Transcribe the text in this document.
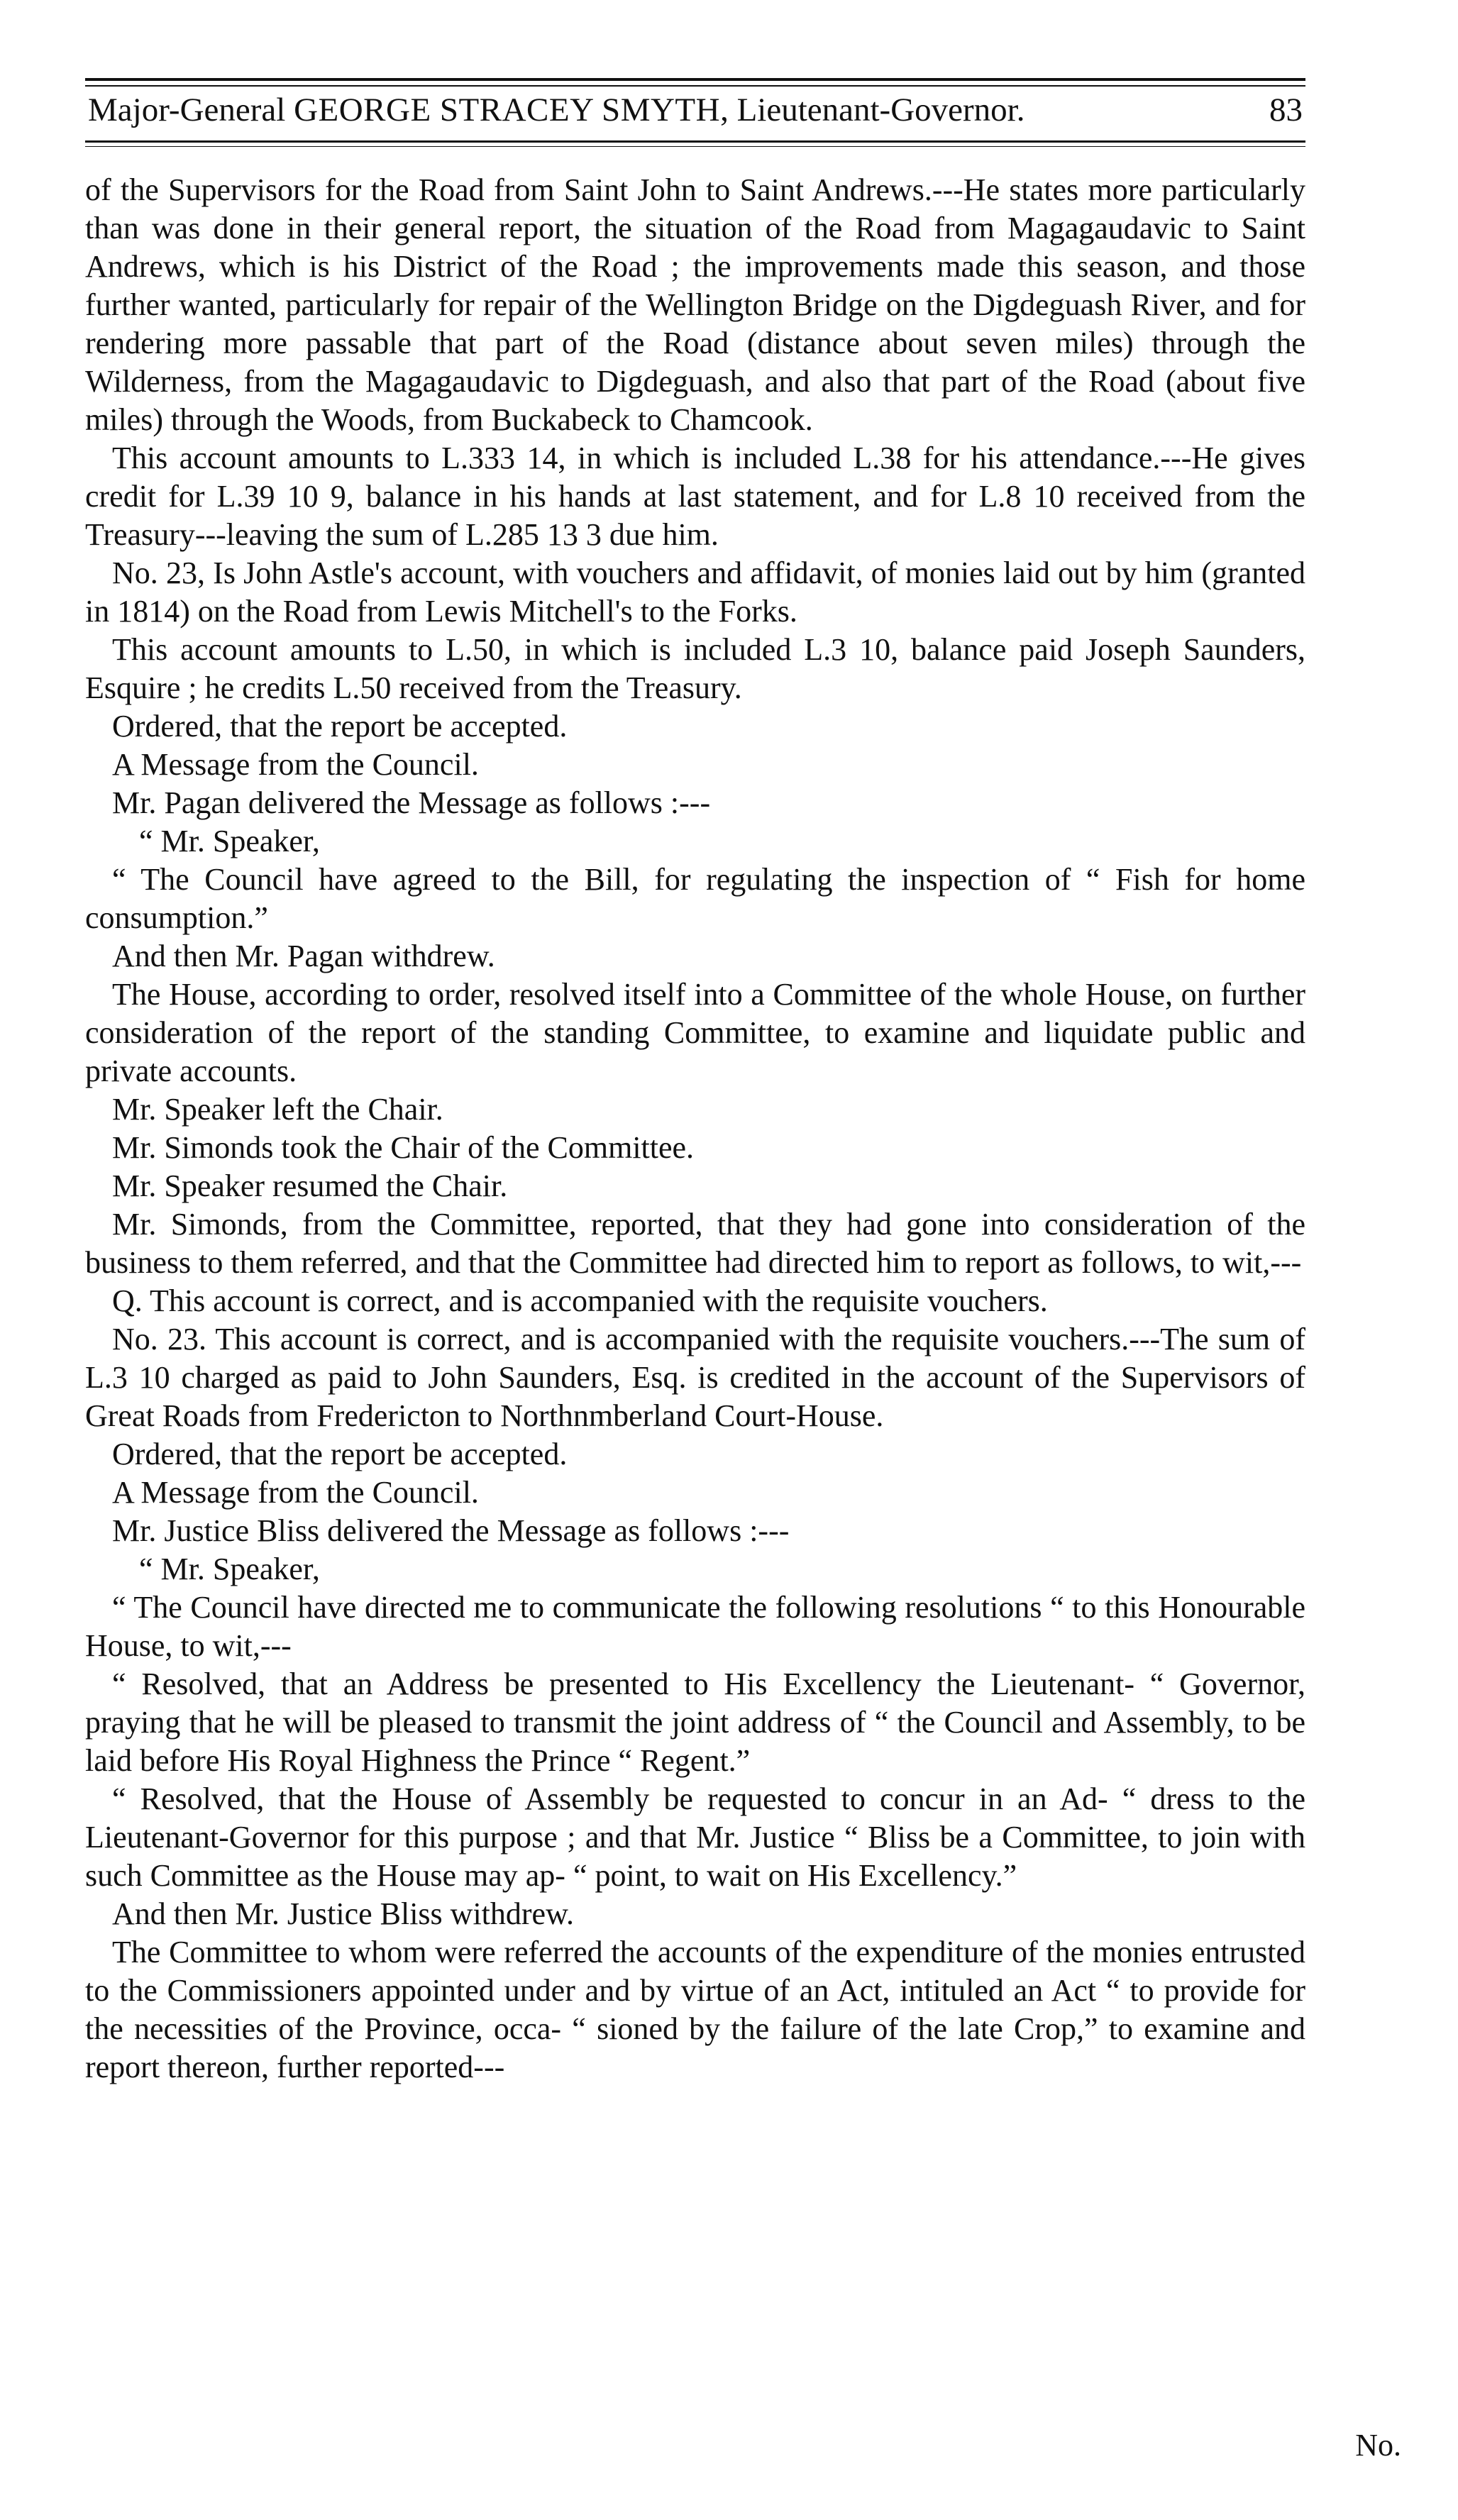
Major-General GEORGE STRACEY SMYTH, Lieutenant-Governor.	83

of the Supervisors for the Road from Saint John to Saint Andrews.---He states more particularly than was done in their general report, the situation of the Road from Magagaudavic to Saint Andrews, which is his District of the Road ; the improvements made this season, and those further wanted, particularly for repair of the Wellington Bridge on the Digdeguash River, and for rendering more passable that part of the Road (distance about seven miles) through the Wilderness, from the Magagaudavic to Digdeguash, and also that part of the Road (about five miles) through the Woods, from Buckabeck to Chamcook.

This account amounts to L.333 14, in which is included L.38 for his attendance.---He gives credit for L.39 10 9, balance in his hands at last statement, and for L.8 10 received from the Treasury---leaving the sum of L.285 13 3 due him.

No. 23, Is John Astle's account, with vouchers and affidavit, of monies laid out by him (granted in 1814) on the Road from Lewis Mitchell's to the Forks.

This account amounts to L.50, in which is included L.3 10, balance paid Joseph Saunders, Esquire ; he credits L.50 received from the Treasury.

Ordered, that the report be accepted.

A Message from the Council.

Mr. Pagan delivered the Message as follows :---

“ Mr. Speaker,

“ The Council have agreed to the Bill, for regulating the inspection of “ Fish for home consumption.”

And then Mr. Pagan withdrew.

The House, according to order, resolved itself into a Committee of the whole House, on further consideration of the report of the standing Committee, to examine and liquidate public and private accounts.

Mr. Speaker left the Chair.

Mr. Simonds took the Chair of the Committee.

Mr. Speaker resumed the Chair.

Mr. Simonds, from the Committee, reported, that they had gone into consideration of the business to them referred, and that the Committee had directed him to report as follows, to wit,---

Q. This account is correct, and is accompanied with the requisite vouchers.

No. 23. This account is correct, and is accompanied with the requisite vouchers.---The sum of L.3 10 charged as paid to John Saunders, Esq. is credited in the account of the Supervisors of Great Roads from Fredericton to Northnmberland Court-House.

Ordered, that the report be accepted.

A Message from the Council.

Mr. Justice Bliss delivered the Message as follows :---

“ Mr. Speaker,

“ The Council have directed me to communicate the following resolutions “ to this Honourable House, to wit,---

“ Resolved, that an Address be presented to His Excellency the Lieutenant- “ Governor, praying that he will be pleased to transmit the joint address of “ the Council and Assembly, to be laid before His Royal Highness the Prince “ Regent.”

“ Resolved, that the House of Assembly be requested to concur in an Ad- “ dress to the Lieutenant-Governor for this purpose ; and that Mr. Justice “ Bliss be a Committee, to join with such Committee as the House may ap- “ point, to wait on His Excellency.”

And then Mr. Justice Bliss withdrew.

The Committee to whom were referred the accounts of the expenditure of the monies entrusted to the Commissioners appointed under and by virtue of an Act, intituled an Act “ to provide for the necessities of the Province, occa- “ sioned by the failure of the late Crop,” to examine and report thereon, further reported---

No.
